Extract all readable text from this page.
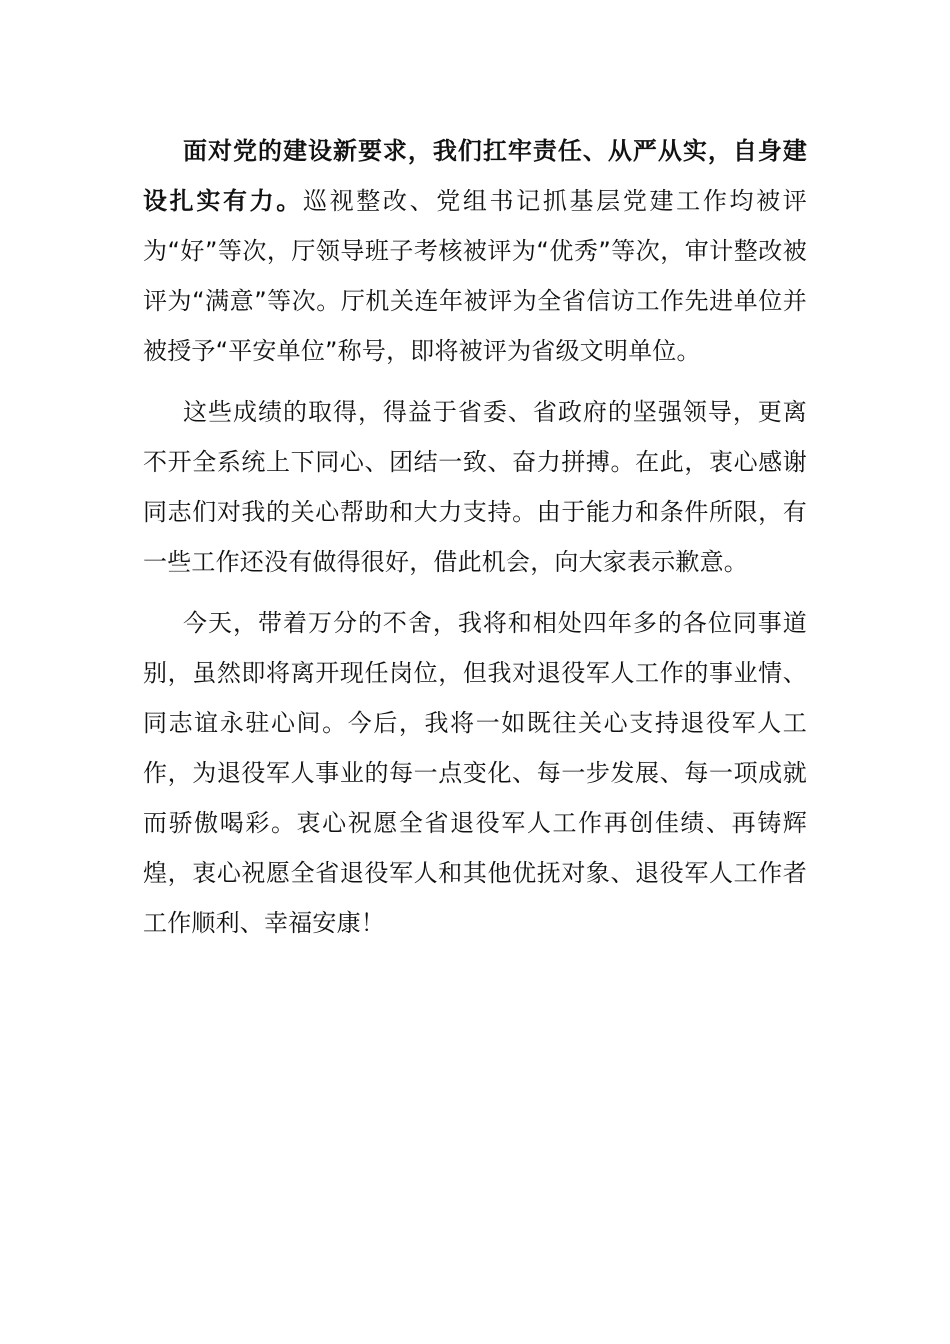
面对党的建设新要求，我们扛牢责任、从严从实，自身建设扎实有力。巡视整改、党组书记抓基层党建工作均被评为“好”等次，厅领导班子考核被评为“优秀”等次，审计整改被评为“满意”等次。厅机关连年被评为全省信访工作先进单位并被授予“平安单位”称号，即将被评为省级文明单位。

这些成绩的取得，得益于省委、省政府的坚强领导，更离不开全系统上下同心、团结一致、奋力拼搏。在此，衷心感谢同志们对我的关心帮助和大力支持。由于能力和条件所限，有一些工作还没有做得很好，借此机会，向大家表示歉意。

今天，带着万分的不舍，我将和相处四年多的各位同事道别，虽然即将离开现任岗位，但我对退役军人工作的事业情、同志谊永驻心间。今后，我将一如既往关心支持退役军人工作，为退役军人事业的每一点变化、每一步发展、每一项成就而骄傲喝彩。衷心祝愿全省退役军人工作再创佳绩、再铸辉煌，衷心祝愿全省退役军人和其他优抚对象、退役军人工作者工作顺利、幸福安康！
